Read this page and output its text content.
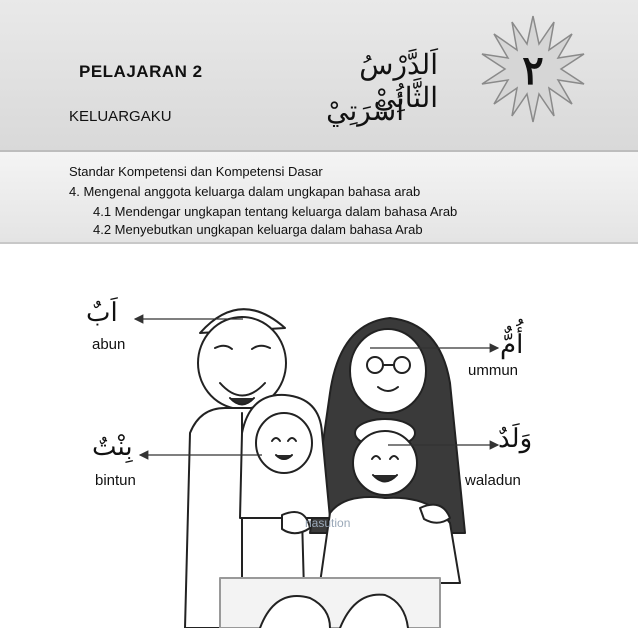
PELAJARAN 2
KELUARGAKU
اَلدَّرْسُ الثَّانِيْ
أُسْرَتِيْ
٢
Standar Kompetensi dan Kompetensi Dasar
4. Mengenal anggota keluarga dalam ungkapan bahasa arab
4.1 Mendengar ungkapan tentang keluarga dalam bahasa Arab
4.2 Menyebutkan ungkapan keluarga dalam bahasa Arab
nasution
اَبٌ
abun	أُمٌّ
ummun
بِنْتٌ
bintun
وَلَدٌ
waladun
